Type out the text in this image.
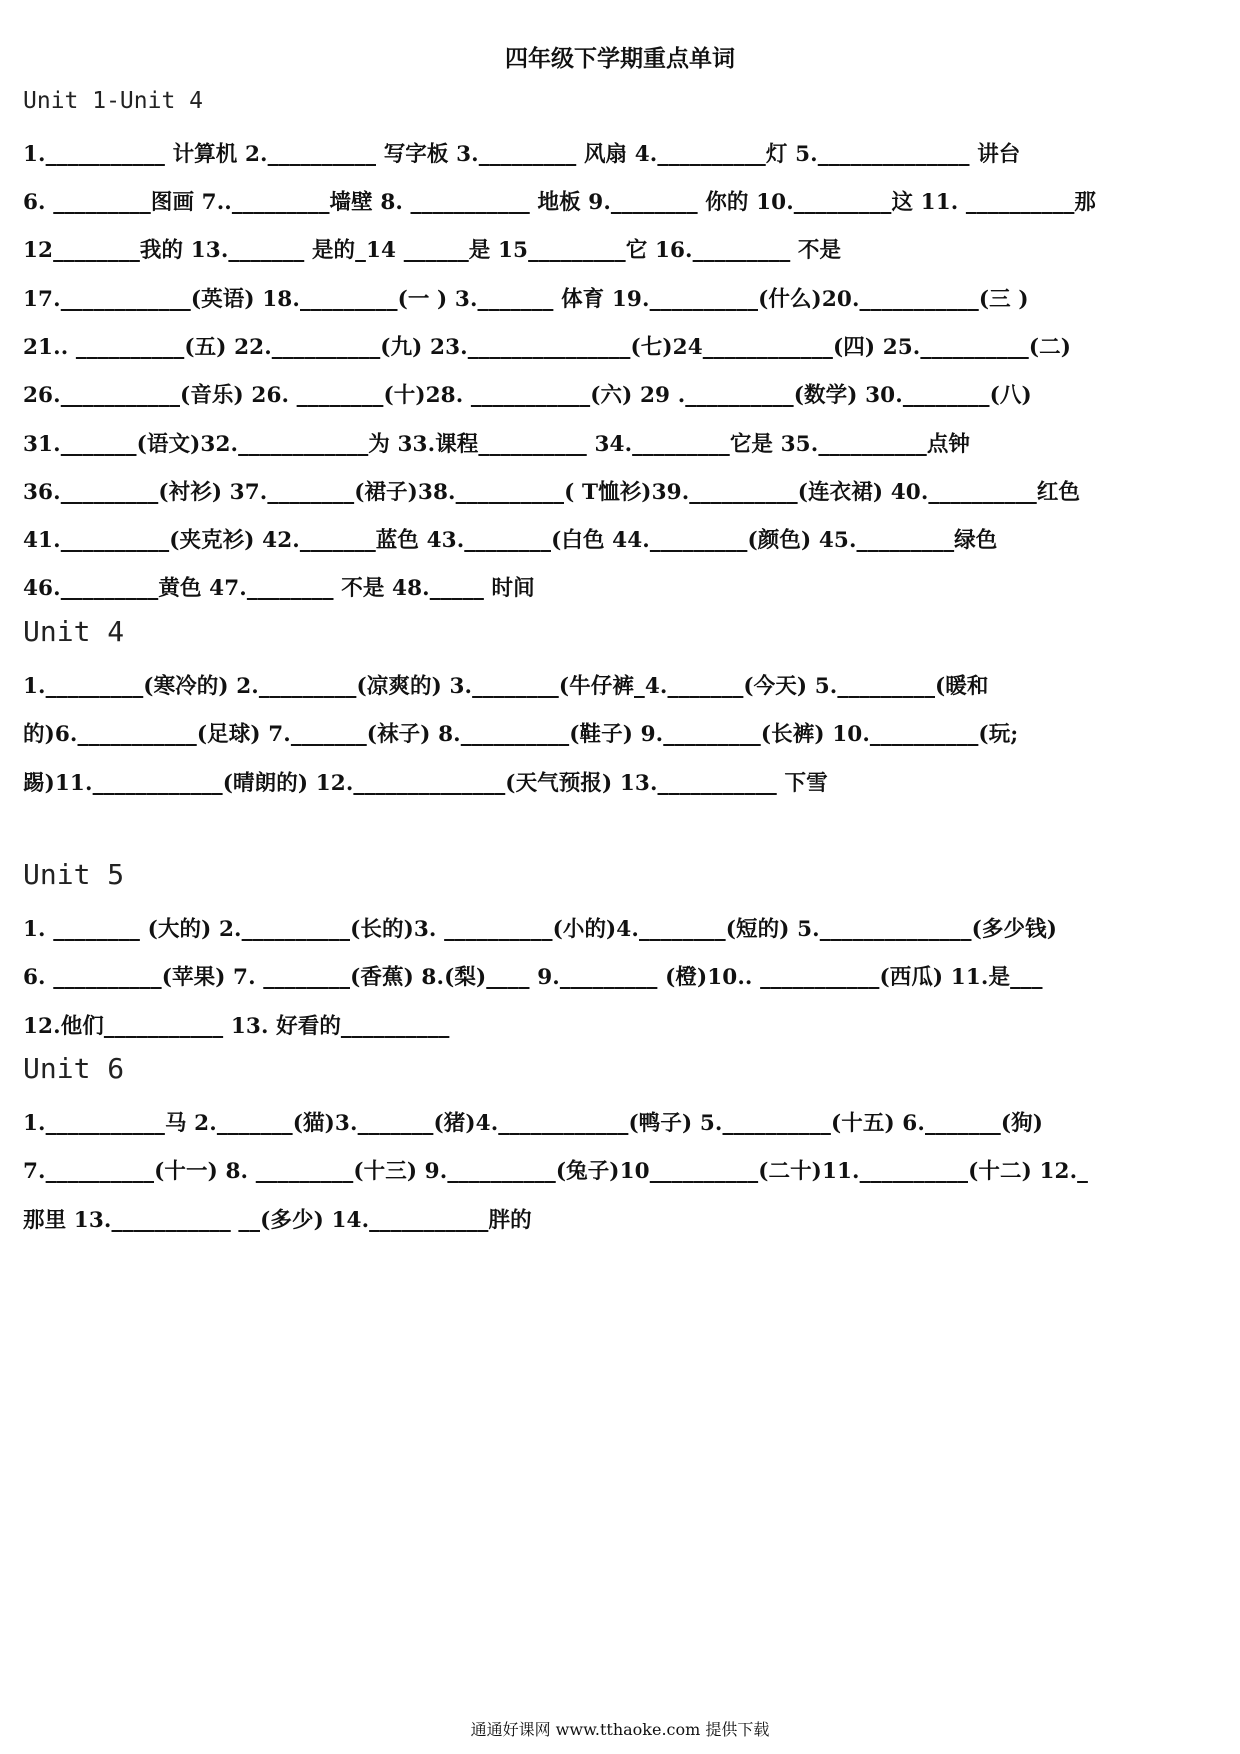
四年级下学期重点单词
Unit 1-Unit 4
1.___________ 计算机 2.__________ 写字板 3._________ 风扇 4.__________灯 5.______________ 讲台
6. _________图画 7.._________墙壁 8. ___________ 地板 9.________ 你的 10._________这 11. __________那
12________我的 13._______ 是的_14 ______是 15_________它 16._________ 不是
17.____________(英语) 18._________(一 ) 3._______ 体育 19.__________(什么)20.___________(三 )
21.. __________(五) 22.__________(九) 23._______________(七)24____________(四) 25.__________(二)
26.___________(音乐) 26. ________(十)28. ___________(六) 29 .__________(数学) 30.________(八)
31._______(语文)32.____________为 33.课程__________ 34._________它是 35.__________点钟
36._________(衬衫) 37.________(裙子)38.__________( T恤衫)39.__________(连衣裙) 40.__________红色
41.__________(夹克衫) 42._______蓝色 43.________(白色 44._________(颜色) 45._________绿色
46._________黄色 47.________ 不是 48._____ 时间
Unit 4
1._________(寒冷的) 2._________(凉爽的) 3.________(牛仔裤_4._______(今天) 5._________(暖和
的)6.___________(足球) 7._______(袜子) 8.__________(鞋子) 9._________(长裤) 10.__________(玩;
踢)11.____________(晴朗的) 12.______________(天气预报) 13.___________ 下雪
Unit 5
1. ________ (大的) 2.__________(长的)3. __________(小的)4.________(短的) 5.______________(多少钱)
6. __________(苹果) 7. ________(香蕉) 8.(梨)____ 9._________ (橙)10.. ___________(西瓜) 11.是___
12.他们___________ 13. 好看的__________
Unit 6
1.___________马 2._______(猫)3._______(猪)4.____________(鸭子) 5.__________(十五) 6._______(狗)
7.__________(十一) 8. _________(十三) 9.__________(兔子)10__________(二十)11.__________(十二) 12._
那里 13.___________ __(多少) 14.___________胖的
通通好课网 www.tthaoke.com 提供下载
